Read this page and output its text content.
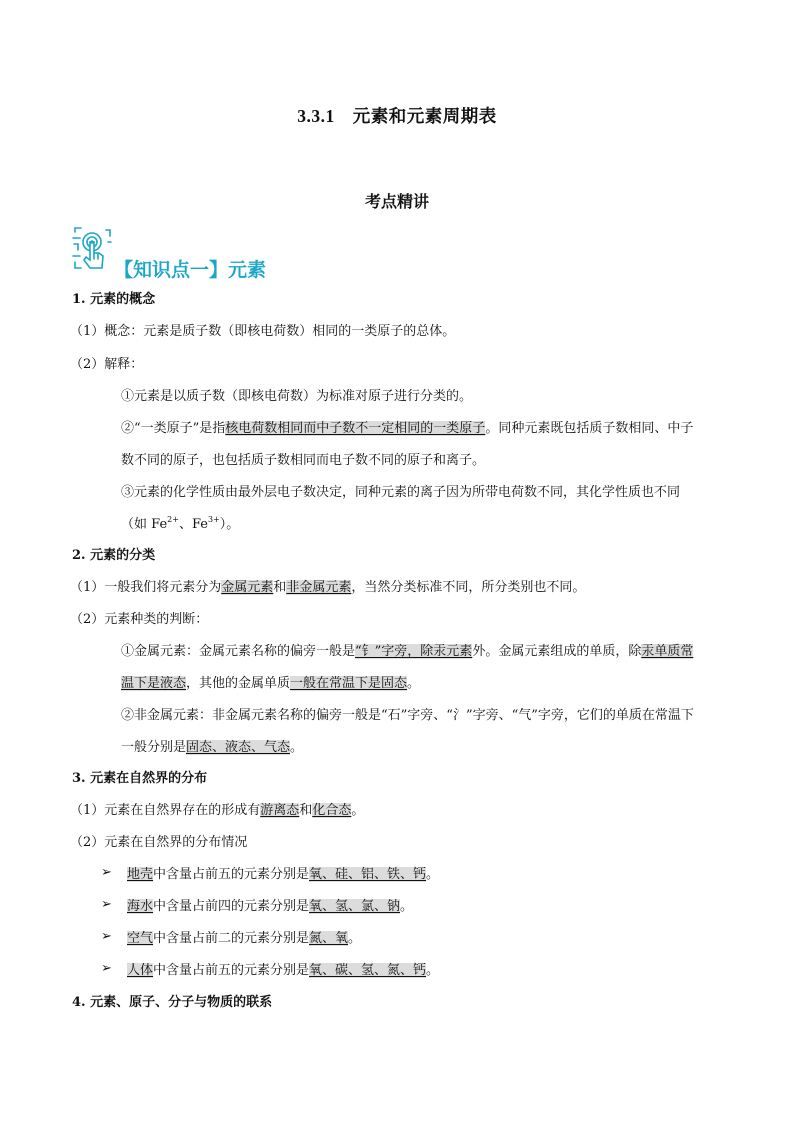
3.3.1　元素和元素周期表
考点精讲
【知识点一】元素
1. 元素的概念
（1）概念：元素是质子数（即核电荷数）相同的一类原子的总体。
（2）解释：
①元素是以质子数（即核电荷数）为标准对原子进行分类的。
②“一类原子”是指核电荷数相同而中子数不一定相同的一类原子。同种元素既包括质子数相同、中子
数不同的原子，也包括质子数相同而电子数不同的原子和离子。
③元素的化学性质由最外层电子数决定，同种元素的离子因为所带电荷数不同，其化学性质也不同
（如 $Fe^{2+}$、$Fe^{3+}$）。
2. 元素的分类
（1）一般我们将元素分为金属元素和非金属元素，当然分类标准不同，所分类别也不同。
（2）元素种类的判断：
①金属元素：金属元素名称的偏旁一般是“钅”字旁，除汞元素外。金属元素组成的单质，除汞单质常
温下是液态，其他的金属单质一般在常温下是固态。
②非金属元素：非金属元素名称的偏旁一般是“石”字旁、“氵”字旁、“气”字旁，它们的单质在常温下
一般分别是固态、液态、气态。
3. 元素在自然界的分布
（1）元素在自然界存在的形成有游离态和化合态。
（2）元素在自然界的分布情况
➢ 地壳中含量占前五的元素分别是氧、硅、铝、铁、钙。
➢ 海水中含量占前四的元素分别是氧、氢、氯、钠。
➢ 空气中含量占前二的元素分别是氮、氧。
➢ 人体中含量占前五的元素分别是氧、碳、氢、氮、钙。
4. 元素、原子、分子与物质的联系
